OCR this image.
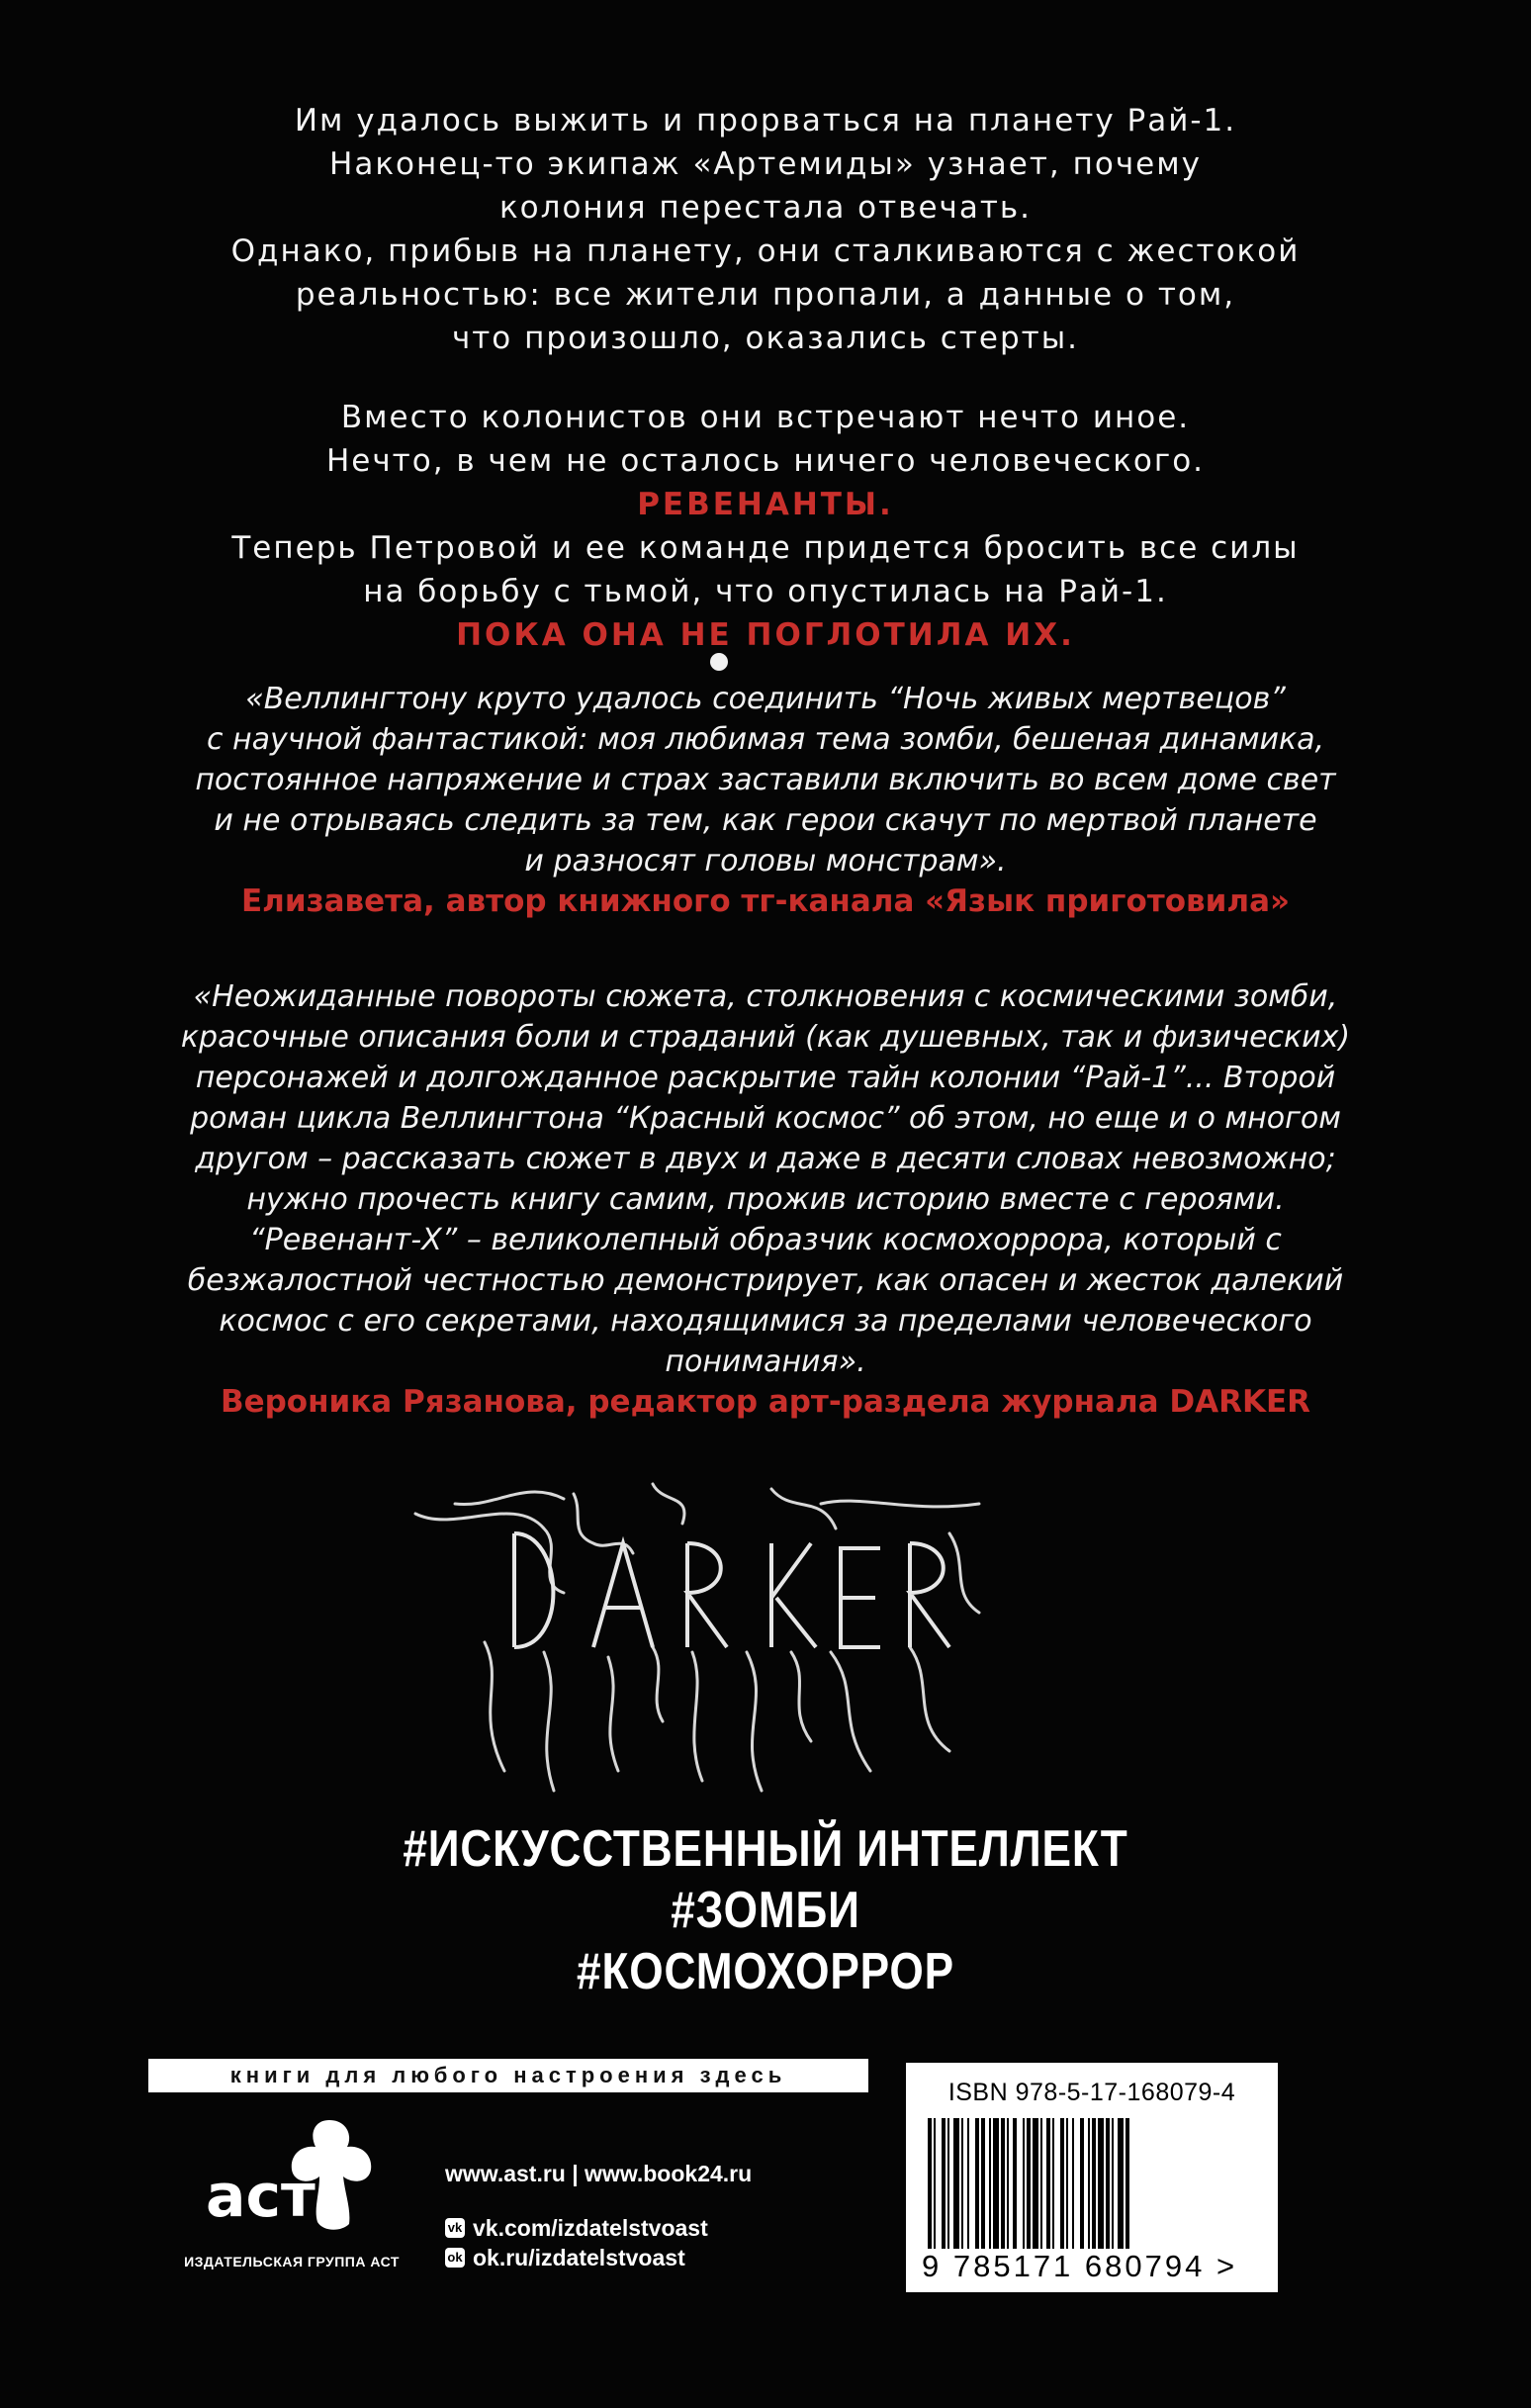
Им удалось выжить и прорваться на планету Рай-1.
Наконец-то экипаж «Артемиды» узнает, почему
колония перестала отвечать.
Однако, прибыв на планету, они сталкиваются с жестокой
реальностью: все жители пропали, а данные о том,
что произошло, оказались стерты.
Вместо колонистов они встречают нечто иное.
Нечто, в чем не осталось ничего человеческого.
РЕВЕНАНТЫ.
Теперь Петровой и ее команде придется бросить все силы
на борьбу с тьмой, что опустилась на Рай-1.
ПОКА ОНА НЕ ПОГЛОТИЛА ИХ.
«Веллингтону круто удалось соединить “Ночь живых мертвецов”
с научной фантастикой: моя любимая тема зомби, бешеная динамика,
постоянное напряжение и страх заставили включить во всем доме свет
и не отрываясь следить за тем, как герои скачут по мертвой планете
и разносят головы монстрам».
Елизавета, автор книжного тг-канала «Язык приготовила»
«Неожиданные повороты сюжета, столкновения с космическими зомби,
красочные описания боли и страданий (как душевных, так и физических)
персонажей и долгожданное раскрытие тайн колонии “Рай-1”... Второй
роман цикла Веллингтона “Красный космос” об этом, но еще и о многом
другом – рассказать сюжет в двух и даже в десяти словах невозможно;
нужно прочесть книгу самим, прожив историю вместе с героями.
“Ревенант-Х” – великолепный образчик космохоррора, который с
безжалостной честностью демонстрирует, как опасен и жесток далекий
космос с его секретами, находящимися за пределами человеческого
понимания».
Вероника Рязанова, редактор арт-раздела журнала DARKER
#ИСКУССТВЕННЫЙ ИНТЕЛЛЕКТ
#ЗОМБИ
#КОСМОХОРРОР
книги для любого настроения здесь
аст
ИЗДАТЕЛЬСКАЯ ГРУППА АСТ
www.ast.ru | www.book24.ru
vk vk.com/izdatelstvoast
ok ok.ru/izdatelstvoast
ISBN 978-5-17-168079-4
9 785171 680794 >
